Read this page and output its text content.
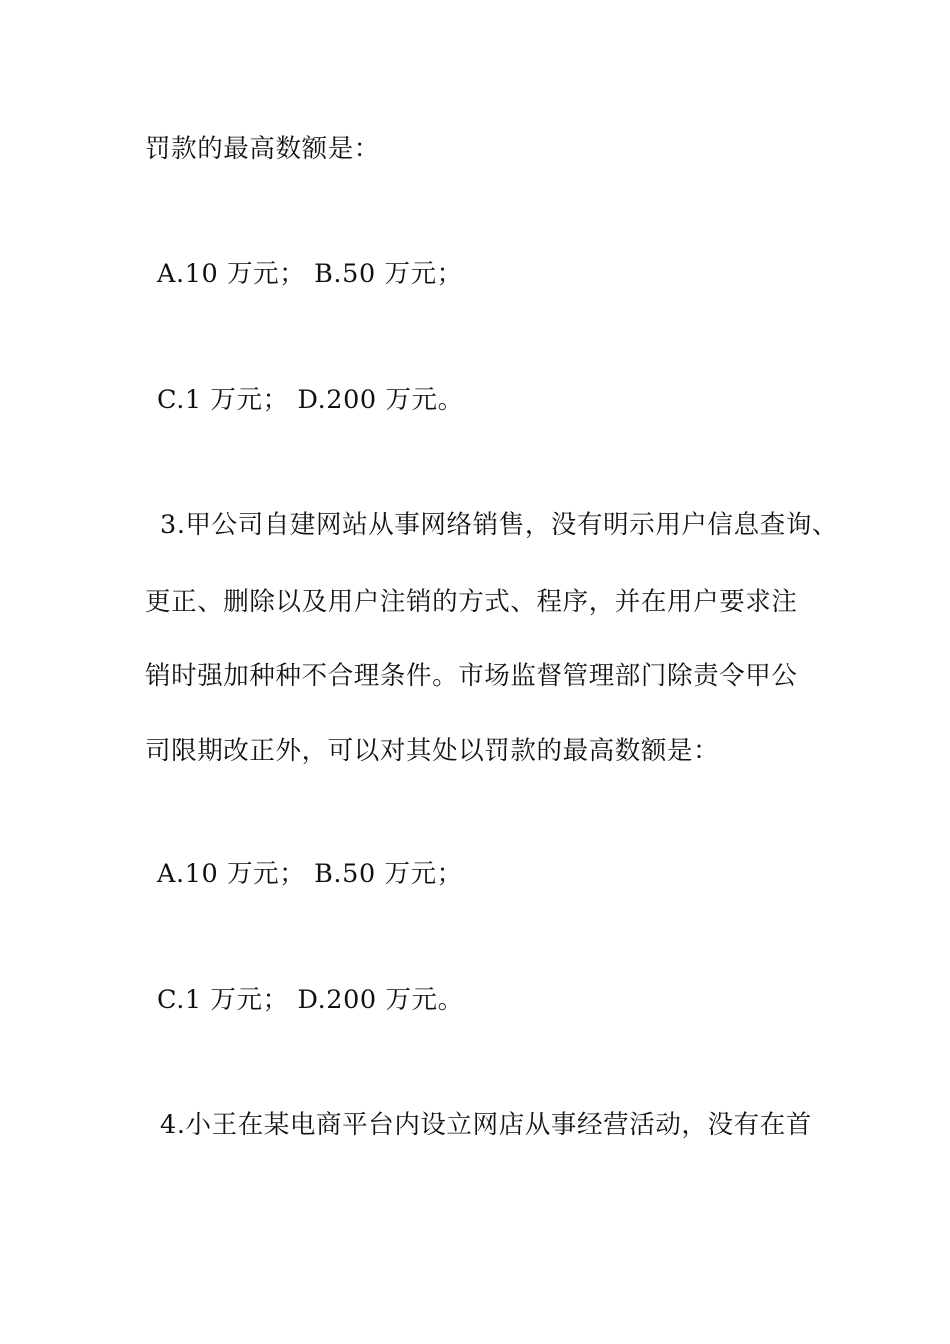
罚款的最高数额是：
A.10 万元； B.50 万元；
C.1 万元； D.200 万元。
3.甲公司自建网站从事网络销售，没有明示用户信息查询、
更正、删除以及用户注销的方式、程序，并在用户要求注
销时强加种种不合理条件。市场监督管理部门除责令甲公
司限期改正外，可以对其处以罚款的最高数额是：
A.10 万元； B.50 万元；
C.1 万元； D.200 万元。
4.小王在某电商平台内设立网店从事经营活动，没有在首
